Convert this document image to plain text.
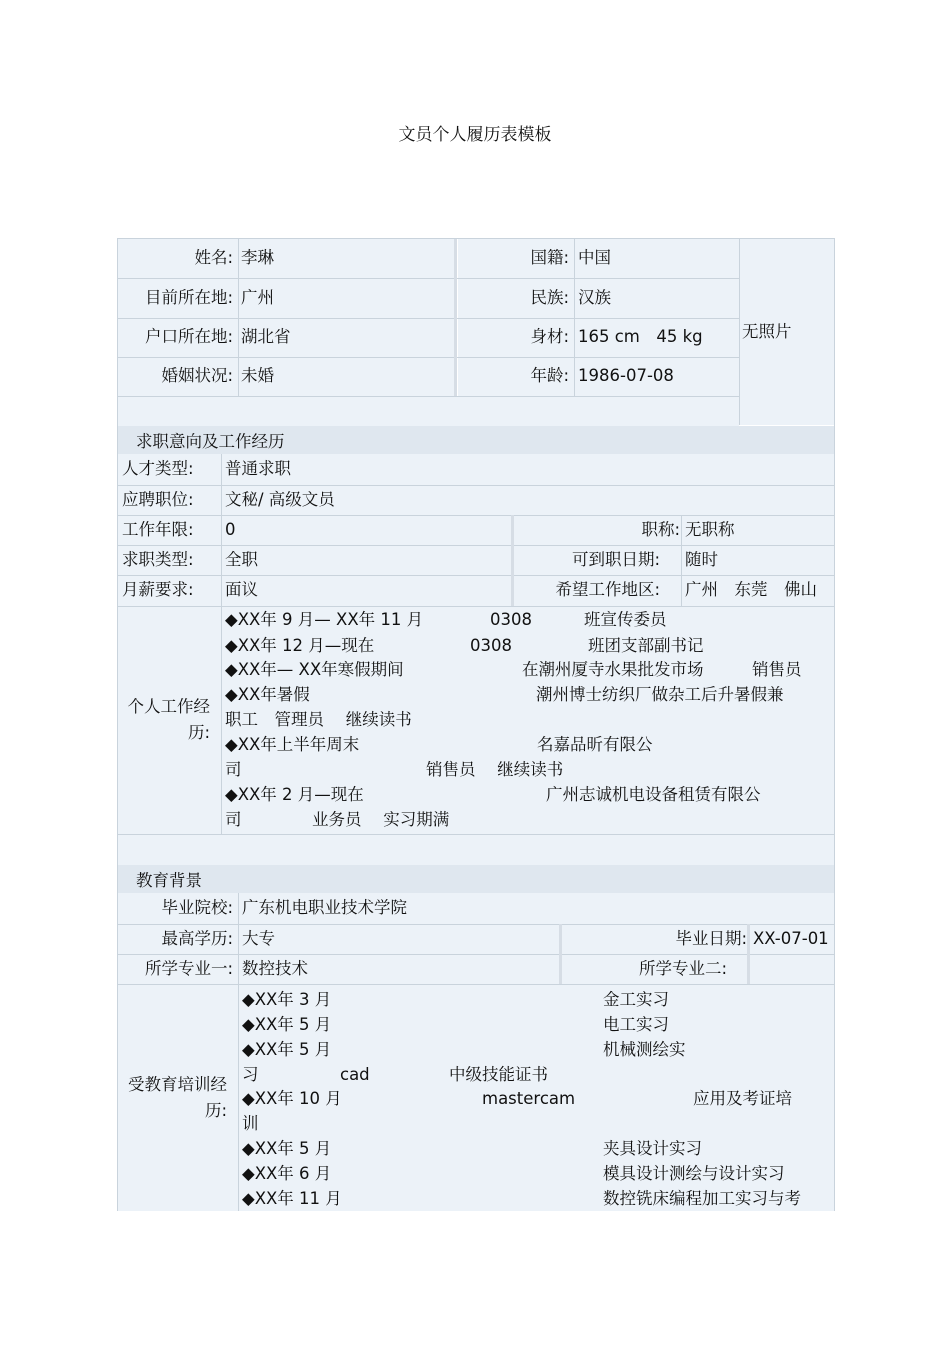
文员个人履历表模板
姓名: 李琳	国籍: 中国
目前所在地: 广州	民族: 汉族
户口所在地: 湖北省	身材: 165 cm　45 kg
婚姻状况: 未婚	年龄: 1986-07-08
无照片
求职意向及工作经历
人才类型:	普通求职
应聘职位:	文秘/ 高级文员
工作年限:	0	职称: 无职称
求职类型:	全职	可到职日期:	随时
月薪要求:	面议	希望工作地区:	广州　东莞　佛山
个人工作经
历:
◆XX年 9 月— XX年 11 月	0308	班宣传委员
◆XX年 12 月—现在	0308	班团支部副书记
◆XX年— XX年寒假期间	在潮州厦寺水果批发市场	销售员
◆XX年暑假	潮州博士纺织厂做杂工后升暑假兼
职工　管理员　 继续读书
◆XX年上半年周末	名嘉品昕有限公
司	销售员　 继续读书
◆XX年 2 月—现在	广州志诚机电设备租赁有限公
司	业务员　 实习期满
教育背景
毕业院校: 广东机电职业技术学院
最高学历: 大专	毕业日期: XX-07-01
所学专业一: 数控技术	所学专业二:
受教育培训经
历:
◆XX年 3 月	金工实习
◆XX年 5 月	电工实习
◆XX年 5 月	机械测绘实
习	cad	中级技能证书
◆XX年 10 月	mastercam	应用及考证培
训
◆XX年 5 月	夹具设计实习
◆XX年 6 月	模具设计测绘与设计实习
◆XX年 11 月	数控铣床编程加工实习与考
